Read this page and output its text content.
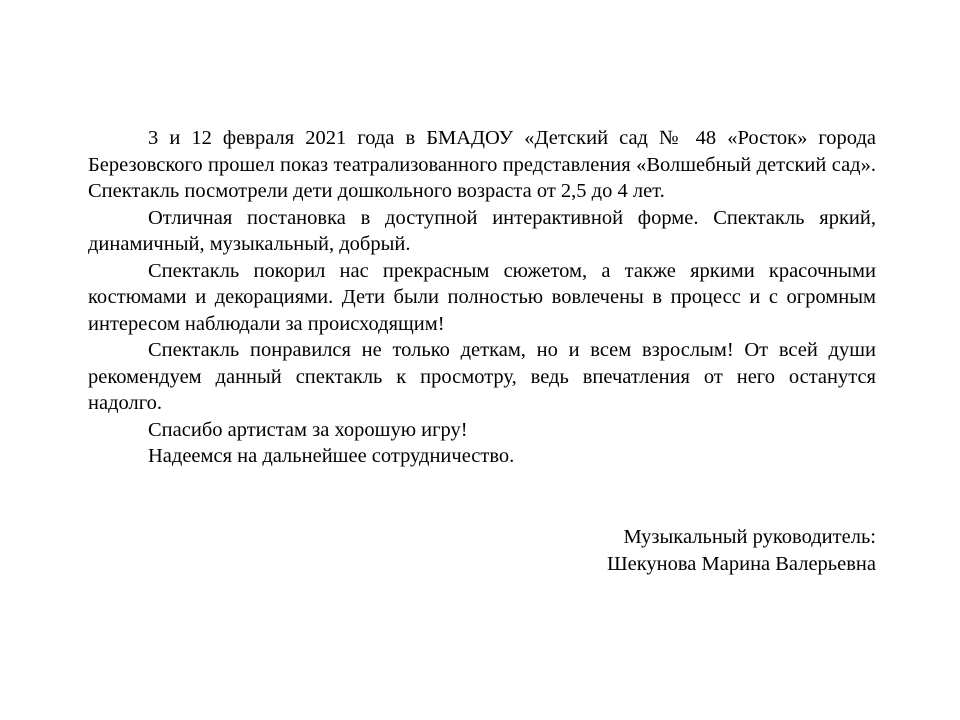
3 и 12 февраля 2021 года в БМАДОУ «Детский сад № 48 «Росток» города Березовского прошел показ театрализованного представления «Волшебный детский сад». Спектакль посмотрели дети дошкольного возраста от 2,5 до 4 лет.

Отличная постановка в доступной интерактивной форме. Спектакль яркий, динамичный, музыкальный, добрый.

Спектакль покорил нас прекрасным сюжетом, а также яркими красочными костюмами и декорациями. Дети были полностью вовлечены в процесс и с огромным интересом наблюдали за происходящим!

Спектакль понравился не только деткам, но и всем взрослым! От всей души рекомендуем данный спектакль к просмотру, ведь впечатления от него останутся надолго.

Спасибо артистам за хорошую игру!

Надеемся на дальнейшее сотрудничество.

Музыкальный руководитель:
Шекунова Марина Валерьевна
